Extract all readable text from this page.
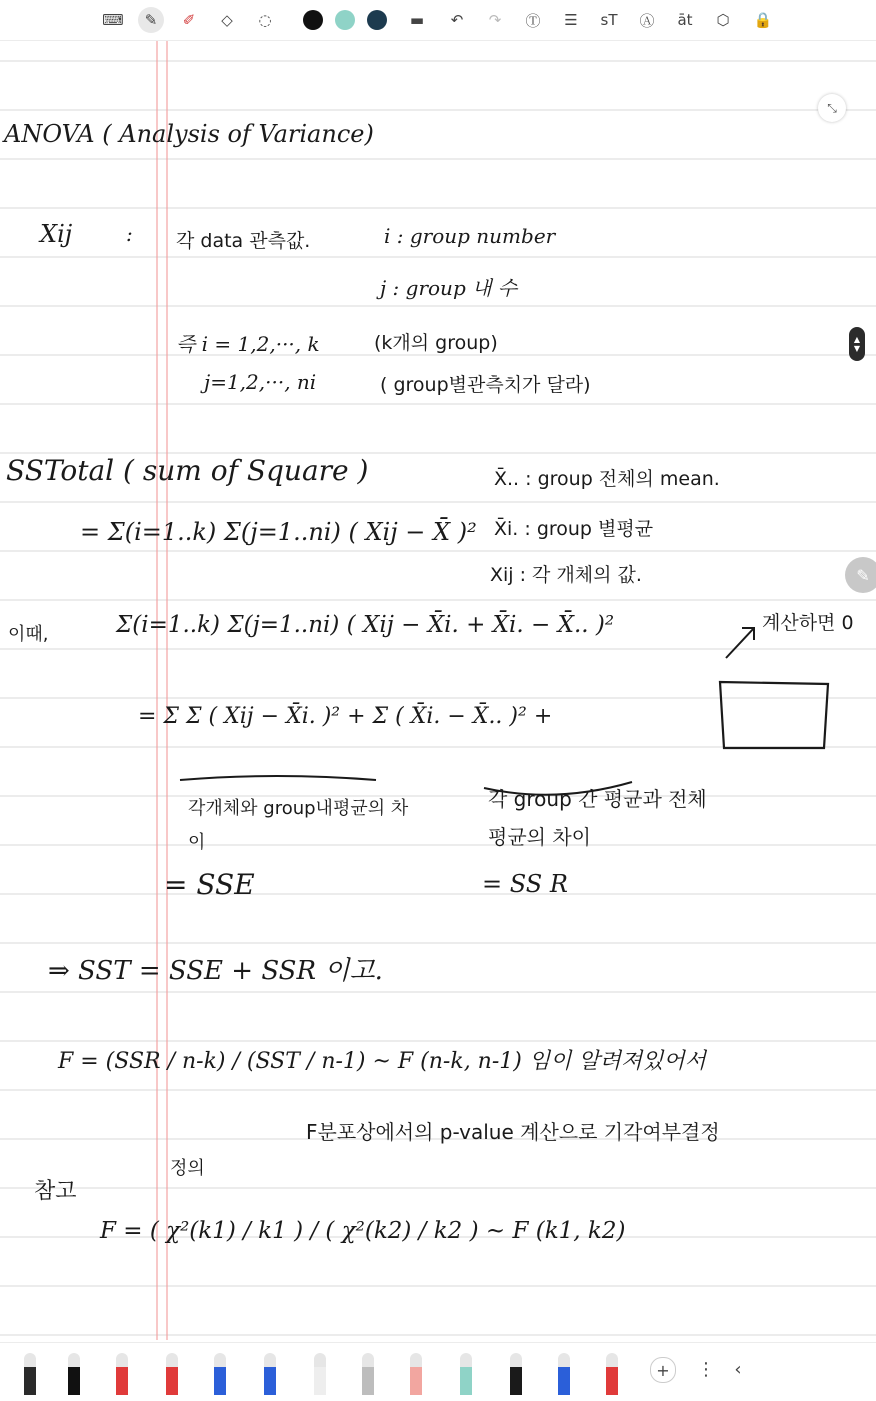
⌨	✎	✐	◇	◌	▬	↶	↷	Ⓣ	☰	ꜱT	Ⓐ	āt	⬡	🔒
ANOVA ( Analysis of Variance)
Xij	: 각 data 관측값.	i : group number
j : group 내 수
즉 i = 1,2,···, k	(k개의 group)
j=1,2,···, ni	( group별관측치가 달라)
SSTotal ( sum of Square )
= Σ(i=1..k) Σ(j=1..ni) ( Xij − X̄̄ )²
X̄.. : group 전체의 mean.
X̄i. : group 별평균
Xij : 각 개체의 값.
이때,	Σ(i=1..k) Σ(j=1..ni) ( Xij − X̄i. + X̄i. − X̄.. )²	계산하면 0
= Σ Σ ( Xij − X̄i. )² + Σ ( X̄i. − X̄.. )² +
각개체와 group내평균의 차이
각 group 간 평균과 전체평균의 차이
= SSE	= SS R
⇒ SST = SSE + SSR 이고.
F = (SSR / n-k) / (SST / n-1) ~ F (n-k, n-1) 임이 알려져있어서
F분포상에서의 p-value 계산으로 기각여부결정
참고
정의
F = ( χ²(k1) / k1 ) / ( χ²(k2) / k2 ) ~ F (k1, k2)
▲
▼
⤡
✎
+	⋮	‹
